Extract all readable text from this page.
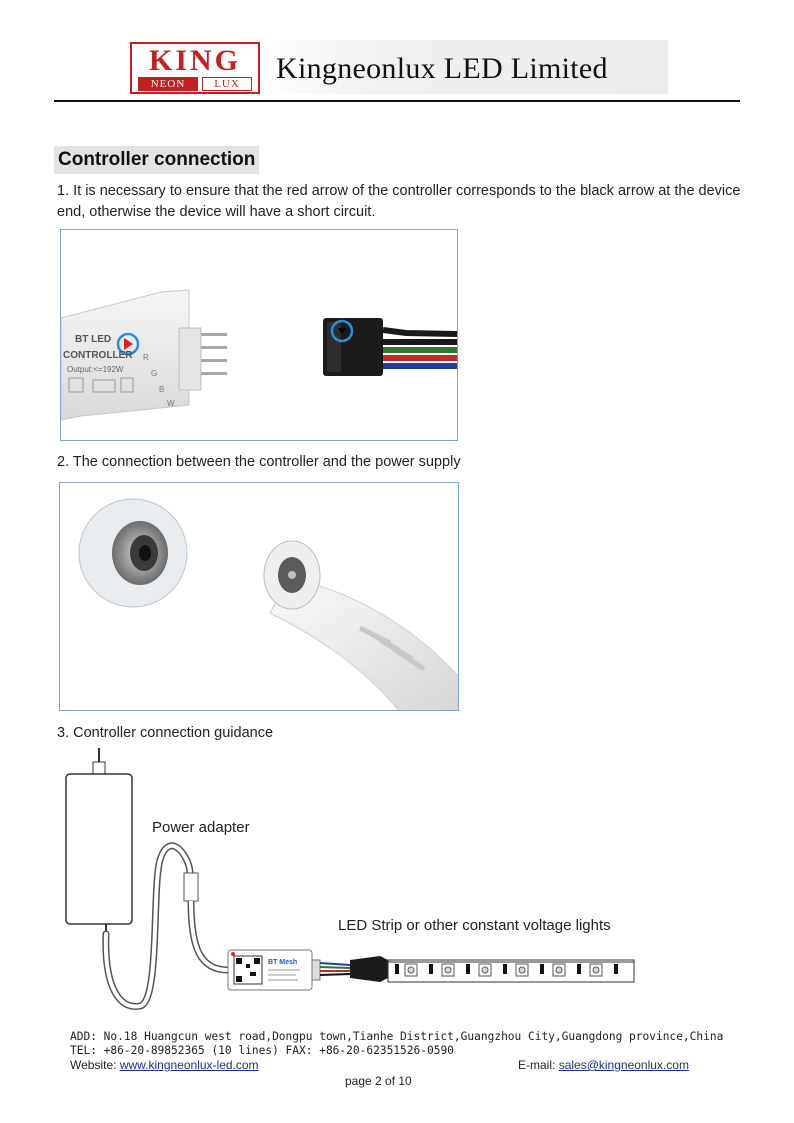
KING
NEON	LUX	Kingneonlux LED Limited
Controller connection
1. It is necessary to ensure that the red arrow of the controller corresponds to the black arrow at the device end, otherwise the device will have a short circuit.
BT LED
CONTROLLER
Output:<=192W
R
G
B
W
2. The connection between the controller and the power supply
3. Controller connection guidance
Power adapter
BT Mesh
LED Strip or other constant voltage lights
ADD: No.18 Huangcun west road,Dongpu town,Tianhe District,Guangzhou City,Guangdong province,China
TEL: +86-20-89852365 (10 lines) FAX: +86-20-62351526-0590
Website: www.kingneonlux-led.com	E-mail: sales@kingneonlux.com
page 2 of 10
